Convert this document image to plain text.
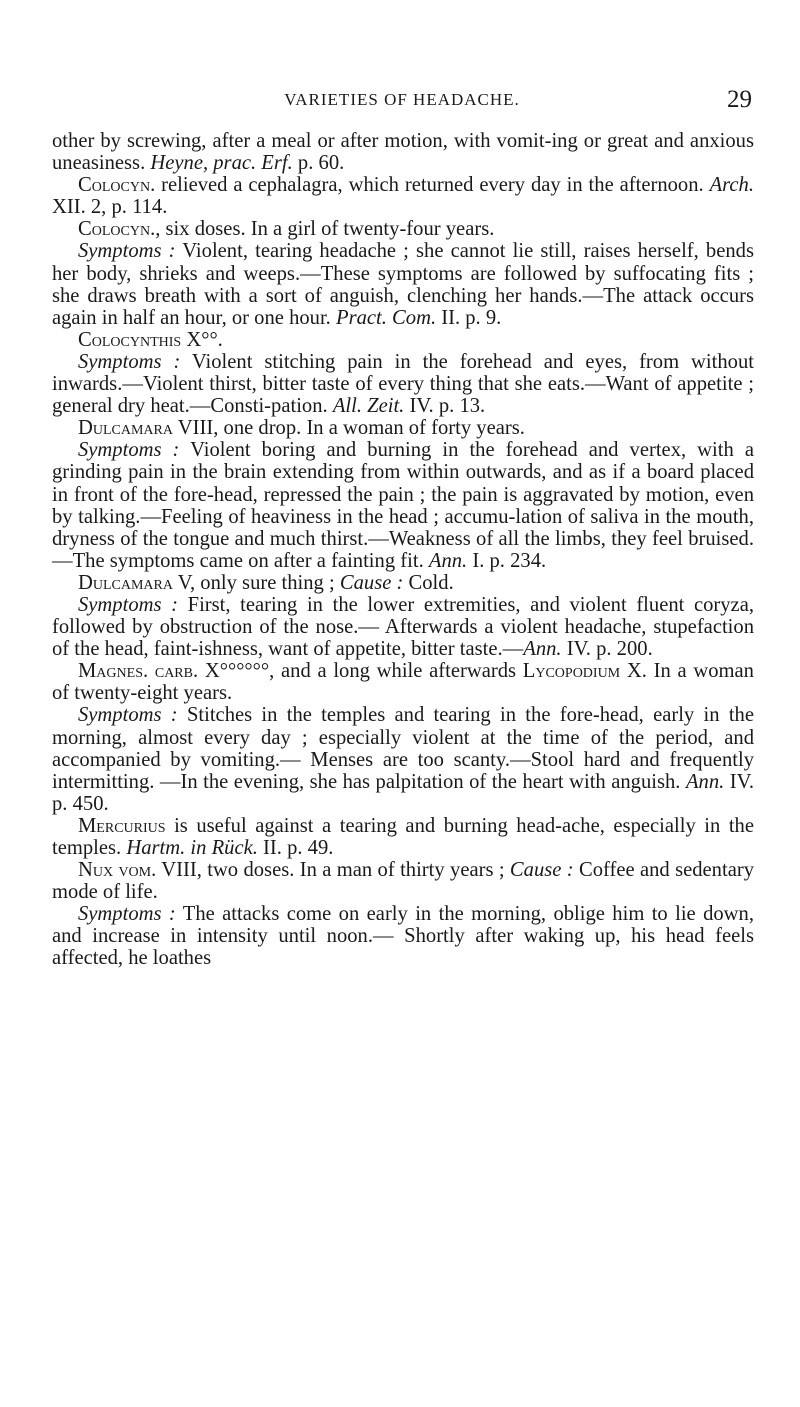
VARIETIES OF HEADACHE.	29

other by screwing, after a meal or after motion, with vomit-ing or great and anxious uneasiness. Heyne, prac. Erf. p. 60.

Colocyn. relieved a cephalagra, which returned every day in the afternoon. Arch. XII. 2, p. 114.

Colocyn., six doses. In a girl of twenty-four years.

Symptoms : Violent, tearing headache ; she cannot lie still, raises herself, bends her body, shrieks and weeps.—These symptoms are followed by suffocating fits ; she draws breath with a sort of anguish, clenching her hands.—The attack occurs again in half an hour, or one hour. Pract. Com. II. p. 9.

Colocynthis X°°.

Symptoms : Violent stitching pain in the forehead and eyes, from without inwards.—Violent thirst, bitter taste of every thing that she eats.—Want of appetite ; general dry heat.—Consti-pation. All. Zeit. IV. p. 13.

Dulcamara VIII, one drop. In a woman of forty years.

Symptoms : Violent boring and burning in the forehead and vertex, with a grinding pain in the brain extending from within outwards, and as if a board placed in front of the fore-head, repressed the pain ; the pain is aggravated by motion, even by talking.—Feeling of heaviness in the head ; accumu-lation of saliva in the mouth, dryness of the tongue and much thirst.—Weakness of all the limbs, they feel bruised.—The symptoms came on after a fainting fit. Ann. I. p. 234.

Dulcamara V, only sure thing ; Cause : Cold.

Symptoms : First, tearing in the lower extremities, and violent fluent coryza, followed by obstruction of the nose.— Afterwards a violent headache, stupefaction of the head, faint-ishness, want of appetite, bitter taste.—Ann. IV. p. 200.

Magnes. carb. X°°°°°°, and a long while afterwards Lycopodium X. In a woman of twenty-eight years.

Symptoms : Stitches in the temples and tearing in the fore-head, early in the morning, almost every day ; especially violent at the time of the period, and accompanied by vomiting.— Menses are too scanty.—Stool hard and frequently intermitting. —In the evening, she has palpitation of the heart with anguish. Ann. IV. p. 450.

Mercurius is useful against a tearing and burning head-ache, especially in the temples. Hartm. in Rück. II. p. 49.

Nux vom. VIII, two doses. In a man of thirty years ; Cause : Coffee and sedentary mode of life.

Symptoms : The attacks come on early in the morning, oblige him to lie down, and increase in intensity until noon.— Shortly after waking up, his head feels affected, he loathes
